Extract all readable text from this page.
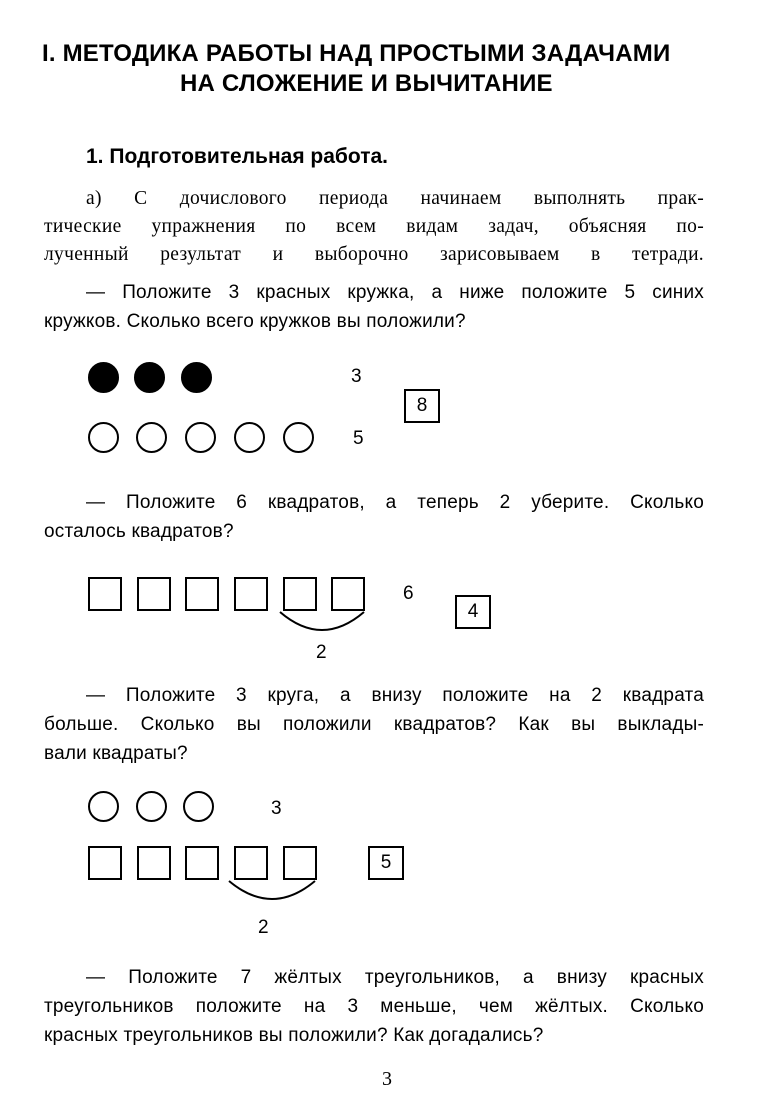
I. МЕТОДИКА РАБОТЫ НАД ПРОСТЫМИ ЗАДАЧАМИ
НА СЛОЖЕНИЕ И ВЫЧИТАНИЕ
1. Подготовительная работа.
а) С дочислового периода начинаем выполнять прак-
тические упражнения по всем видам задач, объясняя по-
лученный результат и выборочно зарисовываем в тетради.
— Положите 3 красных кружка, а ниже положите 5 синих
кружков. Сколько всего кружков вы положили?
3
5
8
— Положите 6 квадратов, а теперь 2 уберите. Сколько
осталось квадратов?
2
6
4
— Положите 3 круга, а внизу положите на 2 квадрата
больше. Сколько вы положили квадратов? Как вы выклады-
вали квадраты?
3
2
5
— Положите 7 жёлтых треугольников, а внизу красных
треугольников положите на 3 меньше, чем жёлтых. Сколько
красных треугольников вы положили? Как догадались?
3
